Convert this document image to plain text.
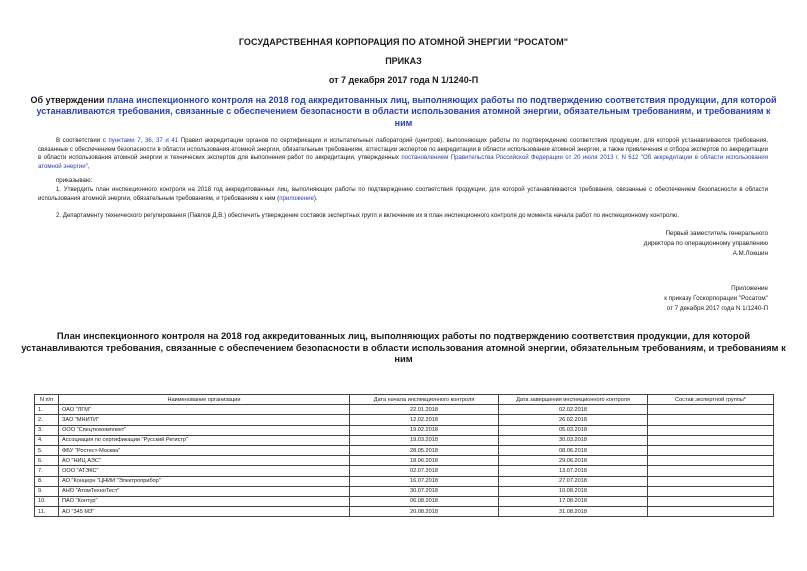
ГОСУДАРСТВЕННАЯ КОРПОРАЦИЯ ПО АТОМНОЙ ЭНЕРГИИ "РОСАТОМ"
ПРИКАЗ
от 7 декабря 2017 года N 1/1240-П
Об утверждении плана инспекционного контроля на 2018 год аккредитованных лиц, выполняющих работы по подтверждению соответствия продукции, для которой устанавливаются требования, связанные с обеспечением безопасности в области использования атомной энергии, обязательным требованиям, и требованиям к ним
В соответствии с пунктами 7, 36, 37 и 41 Правил аккредитации органов по сертификации и испытательных лабораторий (центров), выполняющих работы по подтверждению соответствия продукции, для которой устанавливаются требования, связанные с обеспечением безопасности в области использования атомной энергии, обязательным требованиям, аттестации экспертов по аккредитации в области использования атомной энергии, а также привлечения и отбора экспертов по аккредитации в области использования атомной энергии и технических экспертов для выполнения работ по аккредитации, утвержденных постановлением Правительства Российской Федерации от 20 июля 2013 г. N 612 "Об аккредитации в области использования атомной энергии",
приказываю:
1. Утвердить план инспекционного контроля на 2018 год аккредитованных лиц, выполняющих работы по подтверждению соответствия продукции, для которой устанавливаются требования, связанные с обеспечением безопасности в области использования атомной энергии, обязательным требованиям, и требованиям к ним (приложение).
2. Департаменту технического регулирования (Павлов Д.В.) обеспечить утверждение составов экспертных групп и включение их в план инспекционного контроля до момента начала работ по инспекционному контролю.
Первый заместитель генерального
директора по операционному управлению
А.М.Локшин
Приложение
к приказу Госкорпорации "Росатом"
от 7 декабря 2017 года N 1/1240-П
План инспекционного контроля на 2018 год аккредитованных лиц, выполняющих работы по подтверждению соответствия продукции, для которой устанавливаются требования, связанные с обеспечением безопасности в области использования атомной энергии, обязательным требованиям, и требованиям к ним
N п/п	Наименование организации	Дата начала инспекционного контроля	Дата завершения инспекционного контроля	Состав экспертной группы*
1.	ОАО "ЛГМ"	22.01.2018	02.02.2018	
2.	ЗАО "МНИТИ"	12.02.2018	26.02.2018	
3.	ООО "Спецтехкомплект"	19.02.2018	05.03.2018	
4.	Ассоциация по сертификации "Русский Регистр"	19.03.2018	30.03.2018	
5.	ФБУ "Ростест-Москва"	28.05.2018	08.06.2018	
6.	АО "НИЦ АЭС"	18.06.2018	29.06.2018	
7.	ООО "АТЭКС"	02.07.2018	13.07.2018	
8.	АО "Концерн "ЦНИИ "Электроприбор"	16.07.2018	27.07.2018	
9.	АНО "АтомТехноТест"	30.07.2018	10.08.2018	
10.	ПАО "Контур"	06.08.2018	17.08.2018	
11.	АО "345 МЗ"	20.08.2018	31.08.2018	
